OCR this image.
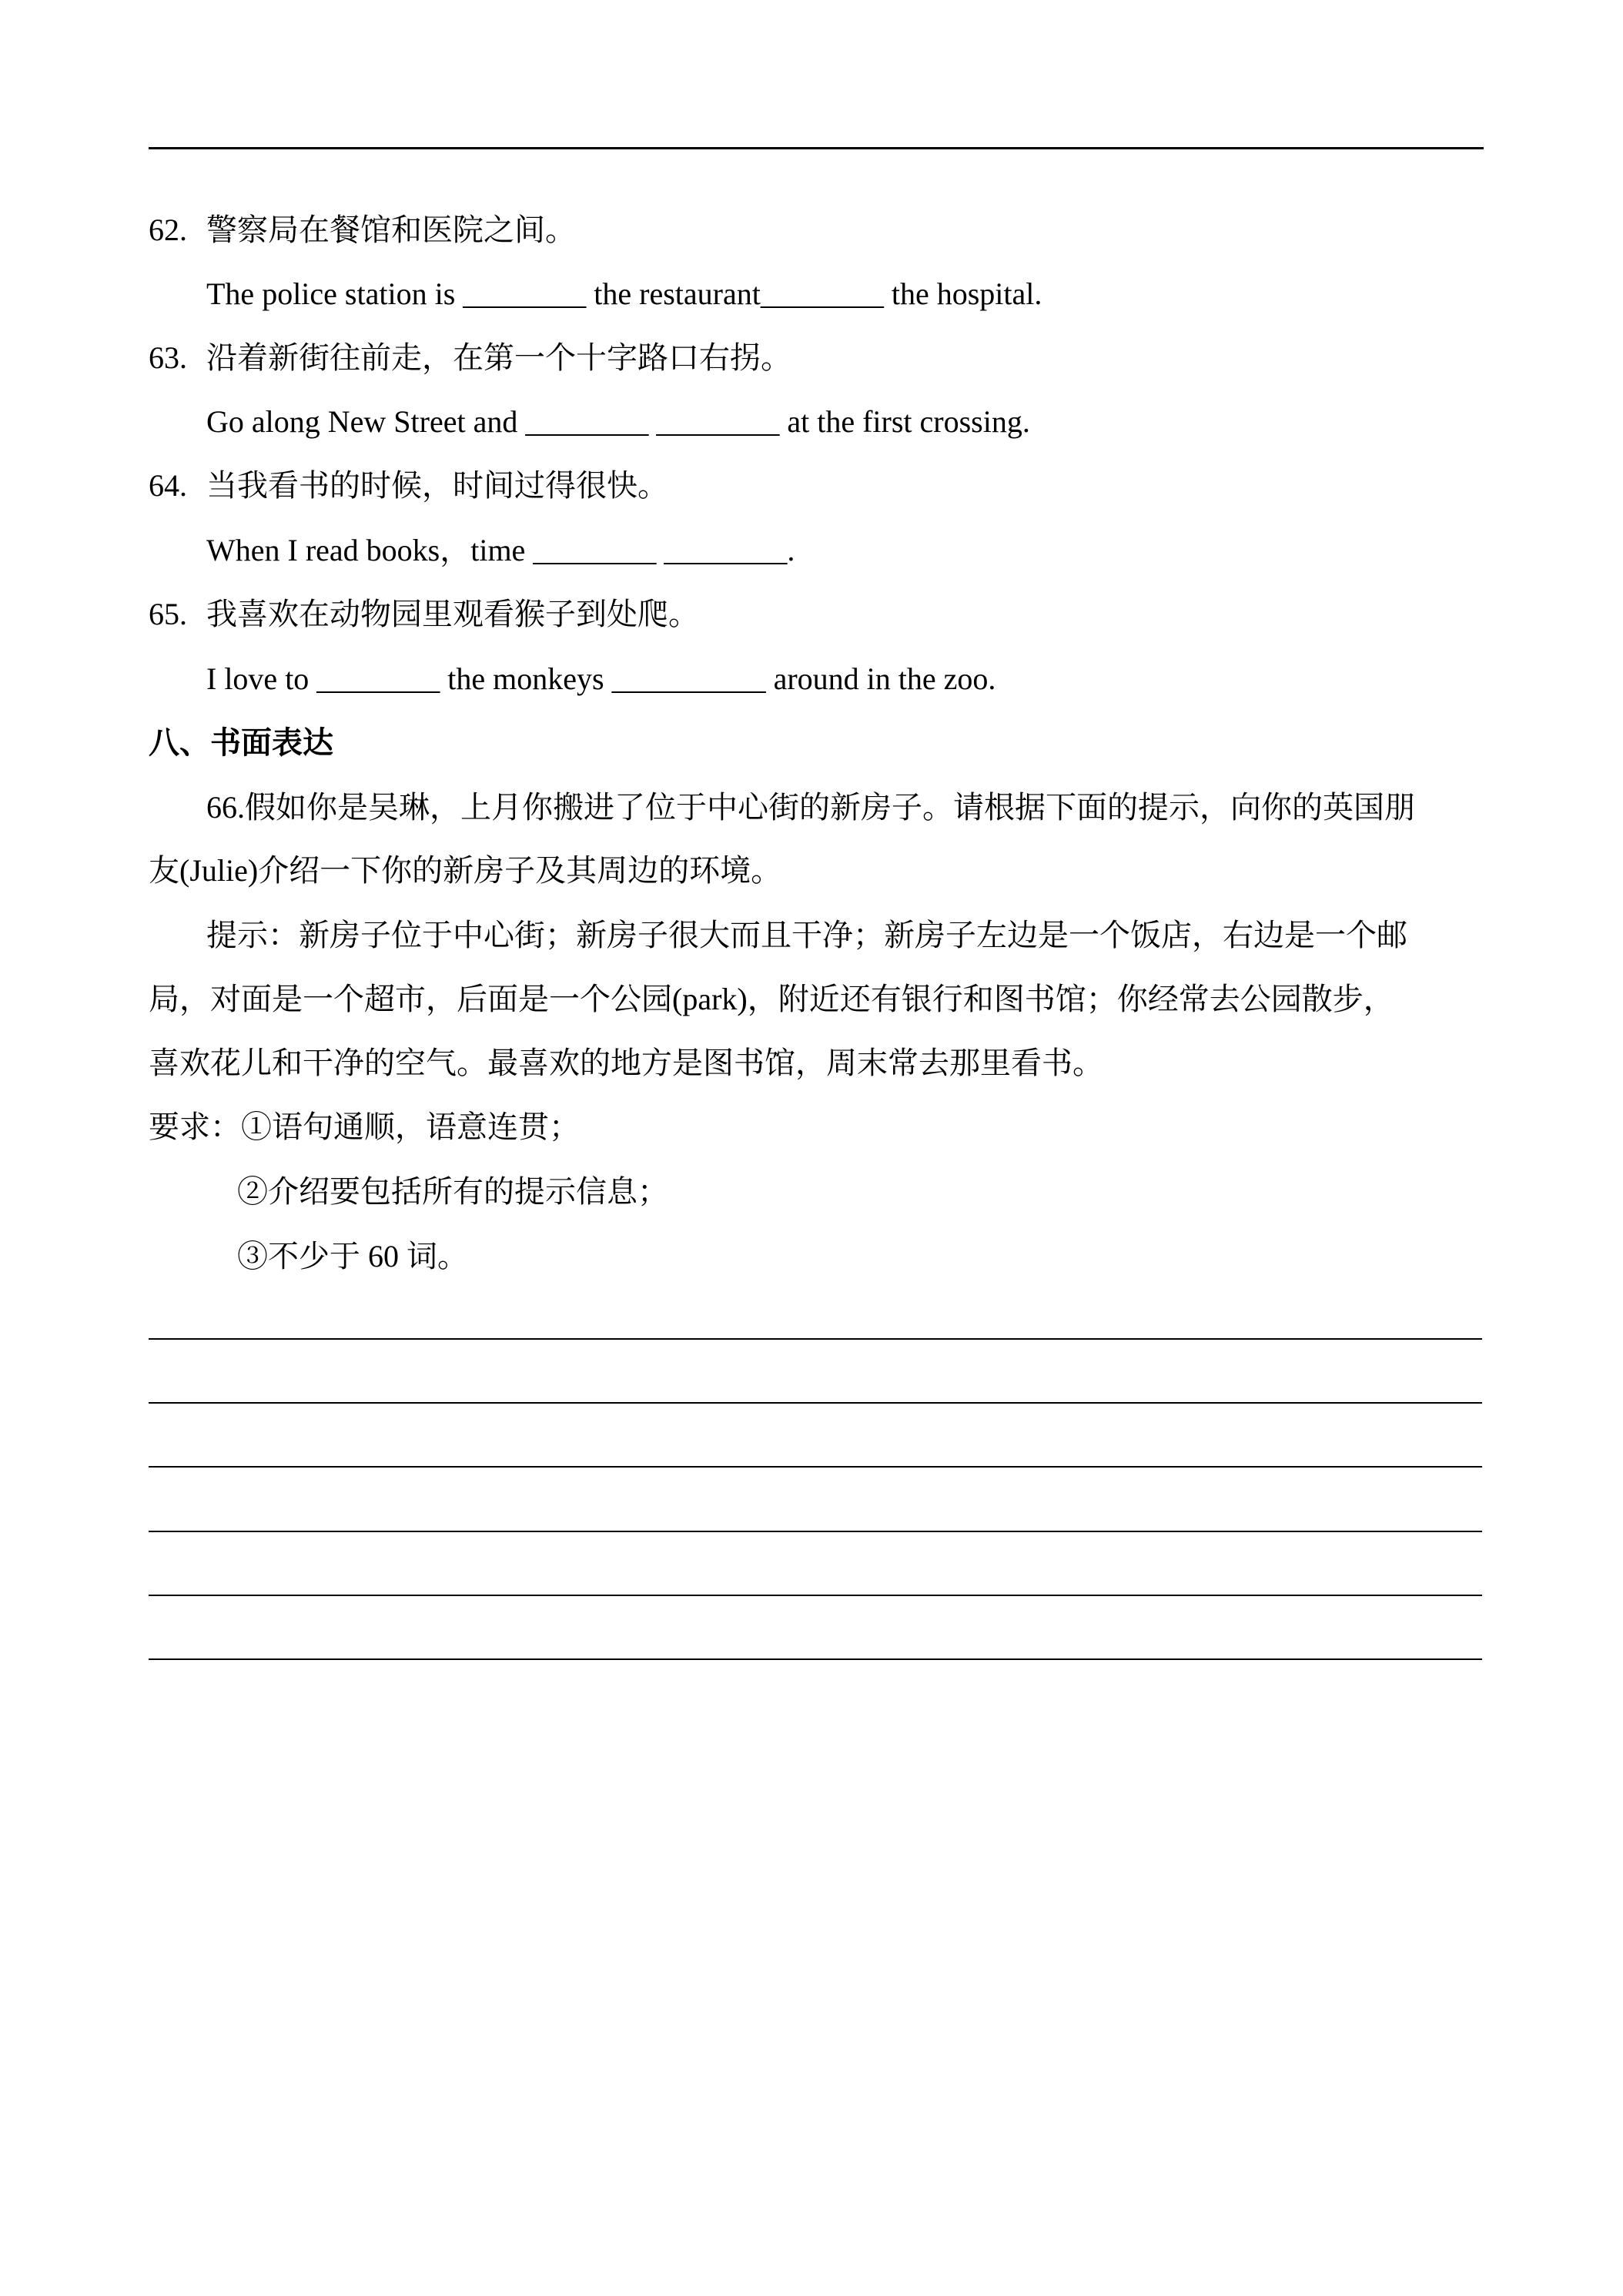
62. 警察局在餐馆和医院之间。
The police station is ________ the restaurant________ the hospital.
63. 沿着新街往前走，在第一个十字路口右拐。
Go along New Street and ________ ________ at the first crossing.
64. 当我看书的时候，时间过得很快。
When I read books，time ________ ________.
65. 我喜欢在动物园里观看猴子到处爬。
I love to ________ the monkeys __________ around in the zoo.
八、书面表达
66.假如你是吴琳，上月你搬进了位于中心街的新房子。请根据下面的提示，向你的英国朋
友(Julie)介绍一下你的新房子及其周边的环境。
提示：新房子位于中心街；新房子很大而且干净；新房子左边是一个饭店，右边是一个邮
局，对面是一个超市，后面是一个公园(park)，附近还有银行和图书馆；你经常去公园散步，
喜欢花儿和干净的空气。最喜欢的地方是图书馆，周末常去那里看书。
要求：①语句通顺，语意连贯；
②介绍要包括所有的提示信息；
③不少于 60 词。
